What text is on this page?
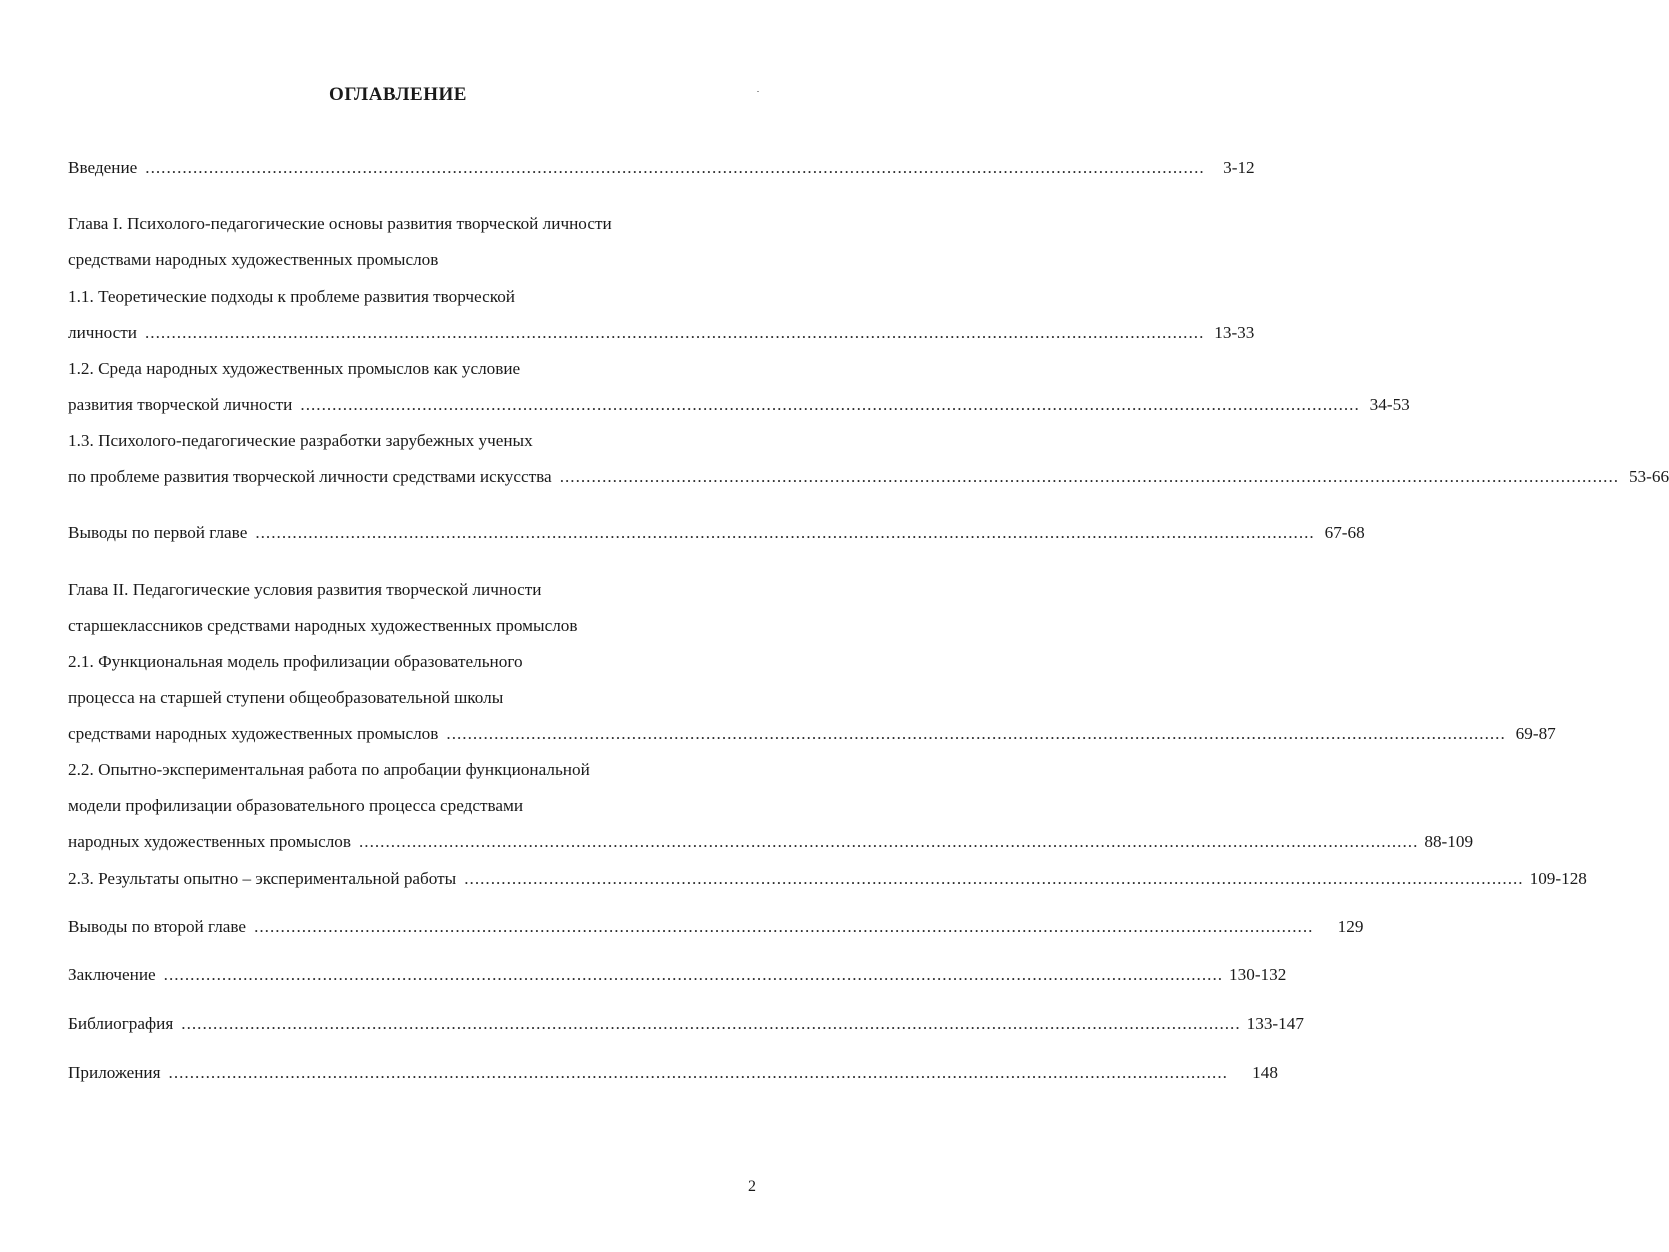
ОГЛАВЛЕНИЕ
Введение ........................................................................................................................................................................................................	3-12
Глава I. Психолого-педагогические основы развития творческой личности
средствами народных художественных промыслов
1.1. Теоретические подходы к проблеме развития творческой
личности ........................................................................................................................................................................................................ 13-33
1.2. Среда народных художественных промыслов как условие
развития творческой личности ........................................................................................................................................................................................................ 34-53
1.3. Психолого-педагогические разработки зарубежных ученых
по проблеме развития творческой личности средствами искусства ........................................................................................................................................................................................................ 53-66
Выводы по первой главе ........................................................................................................................................................................................................ 67-68
Глава II. Педагогические условия развития творческой личности
старшеклассников средствами народных художественных промыслов
2.1. Функциональная модель профилизации образовательного
процесса на старшей ступени общеобразовательной школы
средствами народных художественных промыслов ........................................................................................................................................................................................................ 69-87
2.2. Опытно-экспериментальная работа по апробации функциональной
модели профилизации образовательного процесса средствами
народных художественных промыслов ........................................................................................................................................................................................................ 88-109
2.3. Результаты опытно – экспериментальной работы ........................................................................................................................................................................................................ 109-128
Выводы по второй главе ........................................................................................................................................................................................................	129
Заключение ........................................................................................................................................................................................................ 130-132
Библиография ........................................................................................................................................................................................................ 133-147
Приложения ........................................................................................................................................................................................................	148
2
